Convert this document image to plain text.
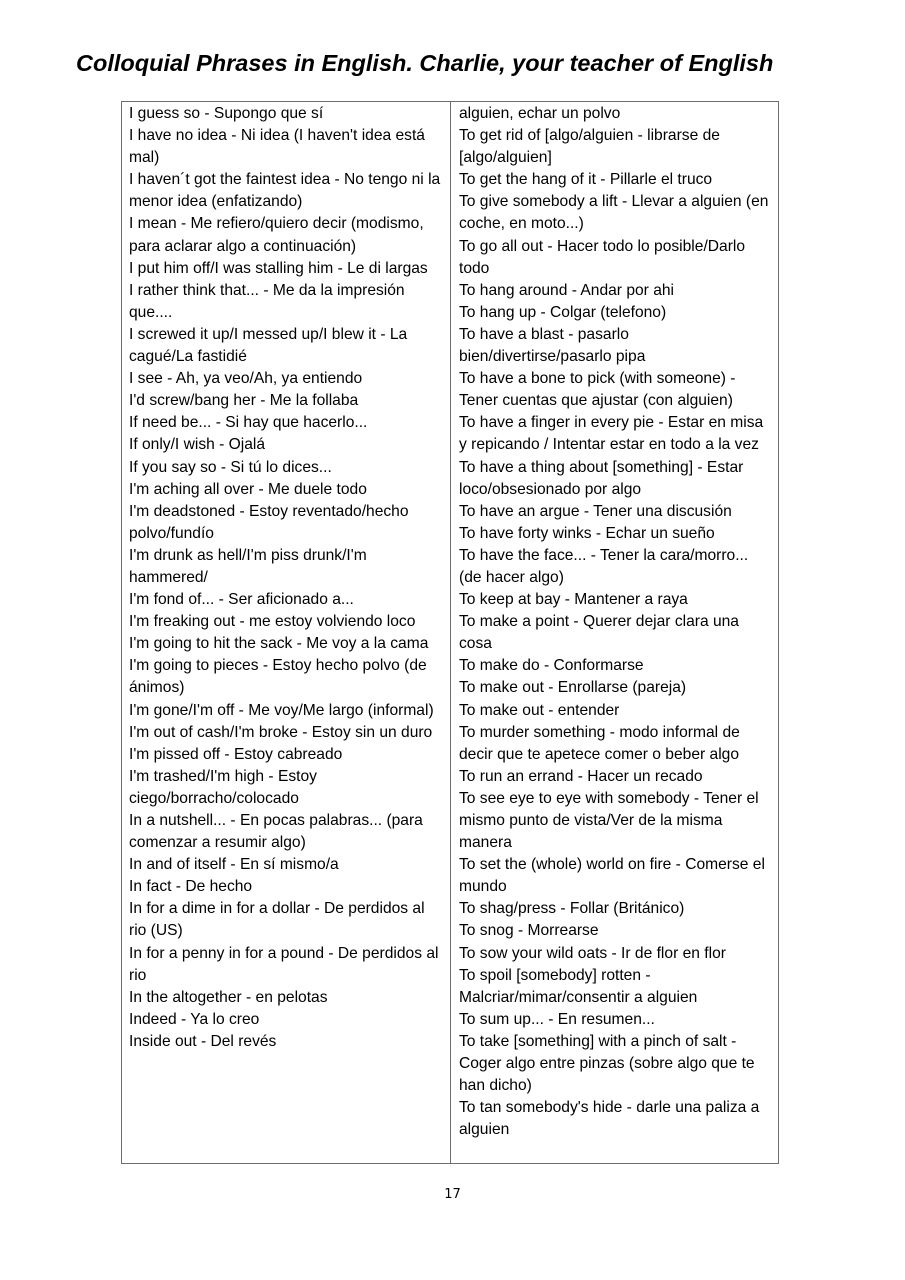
Colloquial Phrases in English. Charlie, your teacher of English

I guess so - Supongo que sí

I have no idea - Ni idea (I haven't idea está mal)

I haven´t got the faintest idea - No tengo ni la menor idea (enfatizando)

I mean - Me refiero/quiero decir (modismo, para aclarar algo a continuación)

I put him off/I was stalling him - Le di largas

I rather think that... - Me da la impresión que....

I screwed it up/I messed up/I blew it - La cagué/La fastidié

I see - Ah, ya veo/Ah, ya entiendo

I'd screw/bang her - Me la follaba

If need be... - Si hay que hacerlo...

If only/I wish - Ojalá

If you say so - Si tú lo dices...

I'm aching all over - Me duele todo

I'm deadstoned - Estoy reventado/hecho polvo/fundío

I'm drunk as hell/I'm piss drunk/I'm hammered/

I'm fond of... - Ser aficionado a...

I'm freaking out - me estoy volviendo loco

I'm going to hit the sack - Me voy a la cama

I'm going to pieces - Estoy hecho polvo (de ánimos)

I'm gone/I'm off - Me voy/Me largo (informal)

I'm out of cash/I'm broke - Estoy sin un duro

I'm pissed off - Estoy cabreado

I'm trashed/I'm high - Estoy ciego/borracho/colocado

In a nutshell... - En pocas palabras... (para comenzar a resumir algo)

In and of itself - En sí mismo/a

In fact - De hecho

In for a dime in for a dollar - De perdidos al rio (US)

In for a penny in for a pound - De perdidos al rio

In the altogether - en pelotas

Indeed - Ya lo creo

Inside out - Del revés

alguien, echar un polvo

To get rid of [algo/alguien - librarse de [algo/alguien]

To get the hang of it - Pillarle el truco

To give somebody a lift - Llevar a alguien (en coche, en moto...)

To go all out - Hacer todo lo posible/Darlo todo

To hang around - Andar por ahi

To hang up - Colgar (telefono)

To have a blast - pasarlo bien/divertirse/pasarlo pipa

To have a bone to pick (with someone) - Tener cuentas que ajustar (con alguien)

To have a finger in every pie - Estar en misa y repicando / Intentar estar en todo a la vez

To have a thing about [something] - Estar loco/obsesionado por algo

To have an argue - Tener una discusión

To have forty winks - Echar un sueño

To have the face... - Tener la cara/morro... (de hacer algo)

To keep at bay - Mantener a raya

To make a point - Querer dejar clara una cosa

To make do - Conformarse

To make out - Enrollarse (pareja)

To make out - entender

To murder something - modo informal de decir que te apetece comer o beber algo

To run an errand - Hacer un recado

To see eye to eye with somebody - Tener el mismo punto de vista/Ver de la misma manera

To set the (whole) world on fire - Comerse el mundo

To shag/press - Follar (Británico)

To snog - Morrearse

To sow your wild oats - Ir de flor en flor

To spoil [somebody] rotten - Malcriar/mimar/consentir a alguien

To sum up... - En resumen...

To take [something] with a pinch of salt - Coger algo entre pinzas (sobre algo que te han dicho)

To tan somebody's hide - darle una paliza a alguien

17
